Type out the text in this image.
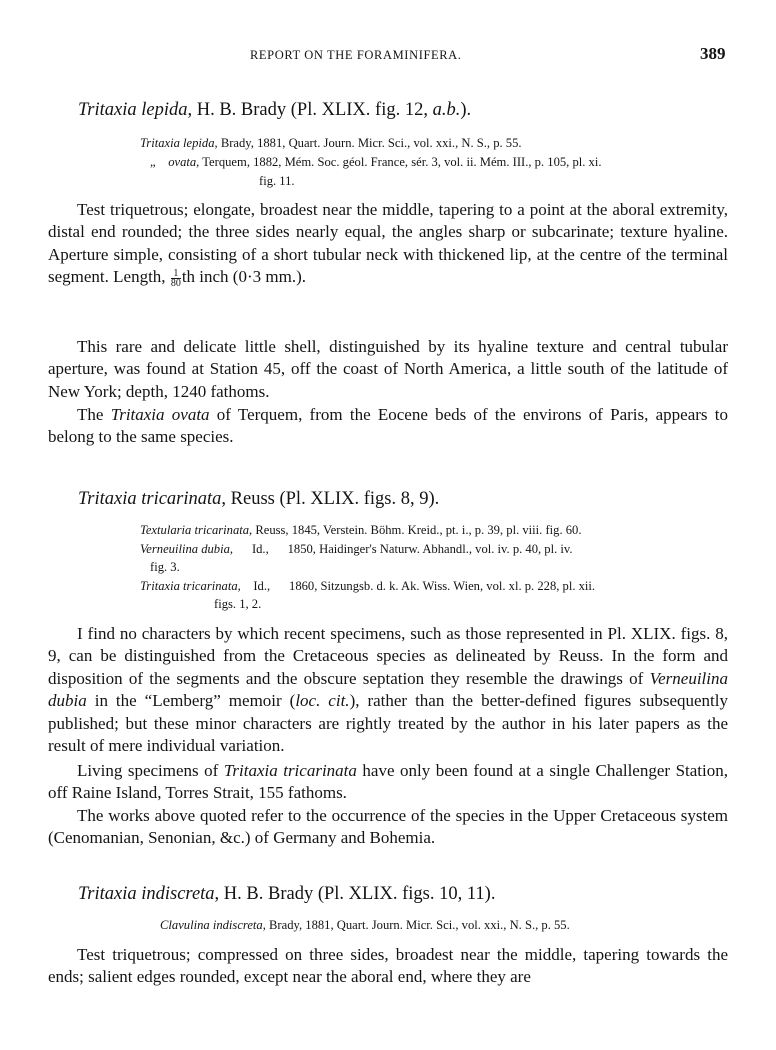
REPORT ON THE FORAMINIFERA.	389
Tritaxia lepida, H. B. Brady (Pl. XLIX. fig. 12, a.b.).
Tritaxia lepida, Brady, 1881, Quart. Journ. Micr. Sci., vol. xxi., N. S., p. 55.
„ ovata, Terquem, 1882, Mém. Soc. géol. France, sér. 3, vol. ii. Mém. III., p. 105, pl. xi.
fig. 11.
Test triquetrous; elongate, broadest near the middle, tapering to a point at the aboral extremity, distal end rounded; the three sides nearly equal, the angles sharp or subcarinate; texture hyaline. Aperture simple, consisting of a short tubular neck with thickened lip, at the centre of the terminal segment. Length, $\frac{1}{80}$ th inch (0·3 mm.).
This rare and delicate little shell, distinguished by its hyaline texture and central tubular aperture, was found at Station 45, off the coast of North America, a little south of the latitude of New York; depth, 1240 fathoms.
The Tritaxia ovata of Terquem, from the Eocene beds of the environs of Paris, appears to belong to the same species.
Tritaxia tricarinata, Reuss (Pl. XLIX. figs. 8, 9).
Textularia tricarinata, Reuss, 1845, Verstein. Böhm. Kreid., pt. i., p. 39, pl. viii. fig. 60.
Verneuilina dubia,      Id.,      1850, Haidinger's Naturw. Abhandl., vol. iv. p. 40, pl. iv.
fig. 3.
Tritaxia tricarinata,    Id.,      1860, Sitzungsb. d. k. Ak. Wiss. Wien, vol. xl. p. 228, pl. xii.
figs. 1, 2.
I find no characters by which recent specimens, such as those represented in Pl. XLIX. figs. 8, 9, can be distinguished from the Cretaceous species as delineated by Reuss. In the form and disposition of the segments and the obscure septation they resemble the drawings of Verneuilina dubia in the “Lemberg” memoir (loc. cit.), rather than the better-defined figures subsequently published; but these minor characters are rightly treated by the author in his later papers as the result of mere individual variation.
Living specimens of Tritaxia tricarinata have only been found at a single Challenger Station, off Raine Island, Torres Strait, 155 fathoms.
The works above quoted refer to the occurrence of the species in the Upper Cretaceous system (Cenomanian, Senonian, &c.) of Germany and Bohemia.
Tritaxia indiscreta, H. B. Brady (Pl. XLIX. figs. 10, 11).
Clavulina indiscreta, Brady, 1881, Quart. Journ. Micr. Sci., vol. xxi., N. S., p. 55.
Test triquetrous; compressed on three sides, broadest near the middle, tapering towards the ends; salient edges rounded, except near the aboral end, where they are
